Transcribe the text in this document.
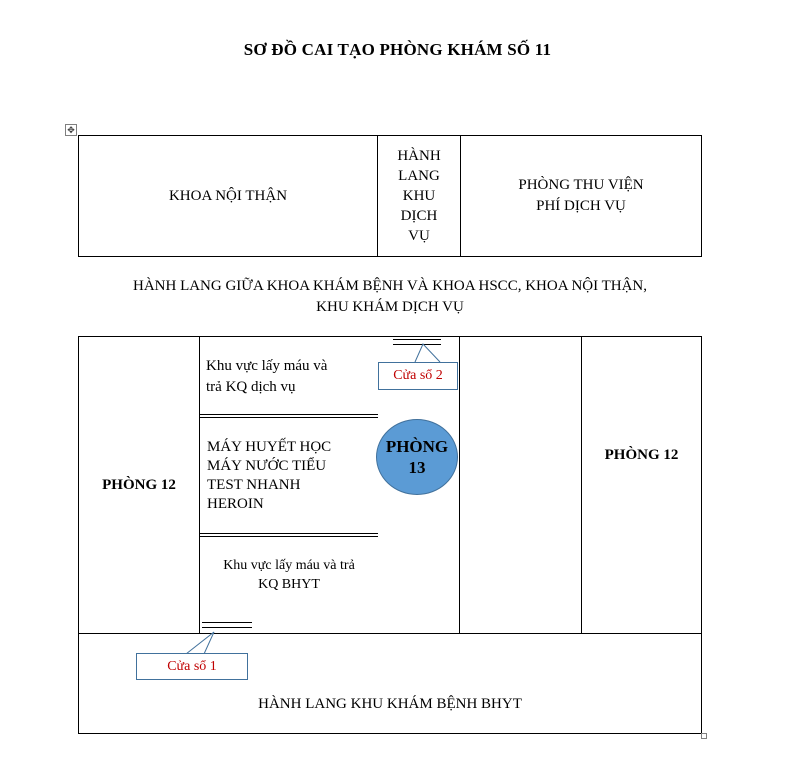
SƠ ĐỒ CAI TẠO PHÒNG KHÁM SỐ 11
✥
KHOA NỘI THẬN
HÀNH
LANG
KHU
DỊCH
VỤ
PHÒNG THU VIỆN
PHÍ DỊCH VỤ
HÀNH LANG GIỮA KHOA KHÁM BỆNH VÀ KHOA HSCC, KHOA NỘI THẬN,
KHU KHÁM DỊCH VỤ
PHÒNG 12
PHÒNG 12
HÀNH LANG KHU KHÁM BỆNH BHYT
Khu vực lấy máu và
trả KQ dịch vụ
MÁY HUYẾT HỌC
MÁY NƯỚC TIỂU
TEST NHANH
HEROIN
Khu vực lấy máu và trả
KQ BHYT
PHÒNG
13
Cửa sổ 2
Cửa sổ 1
